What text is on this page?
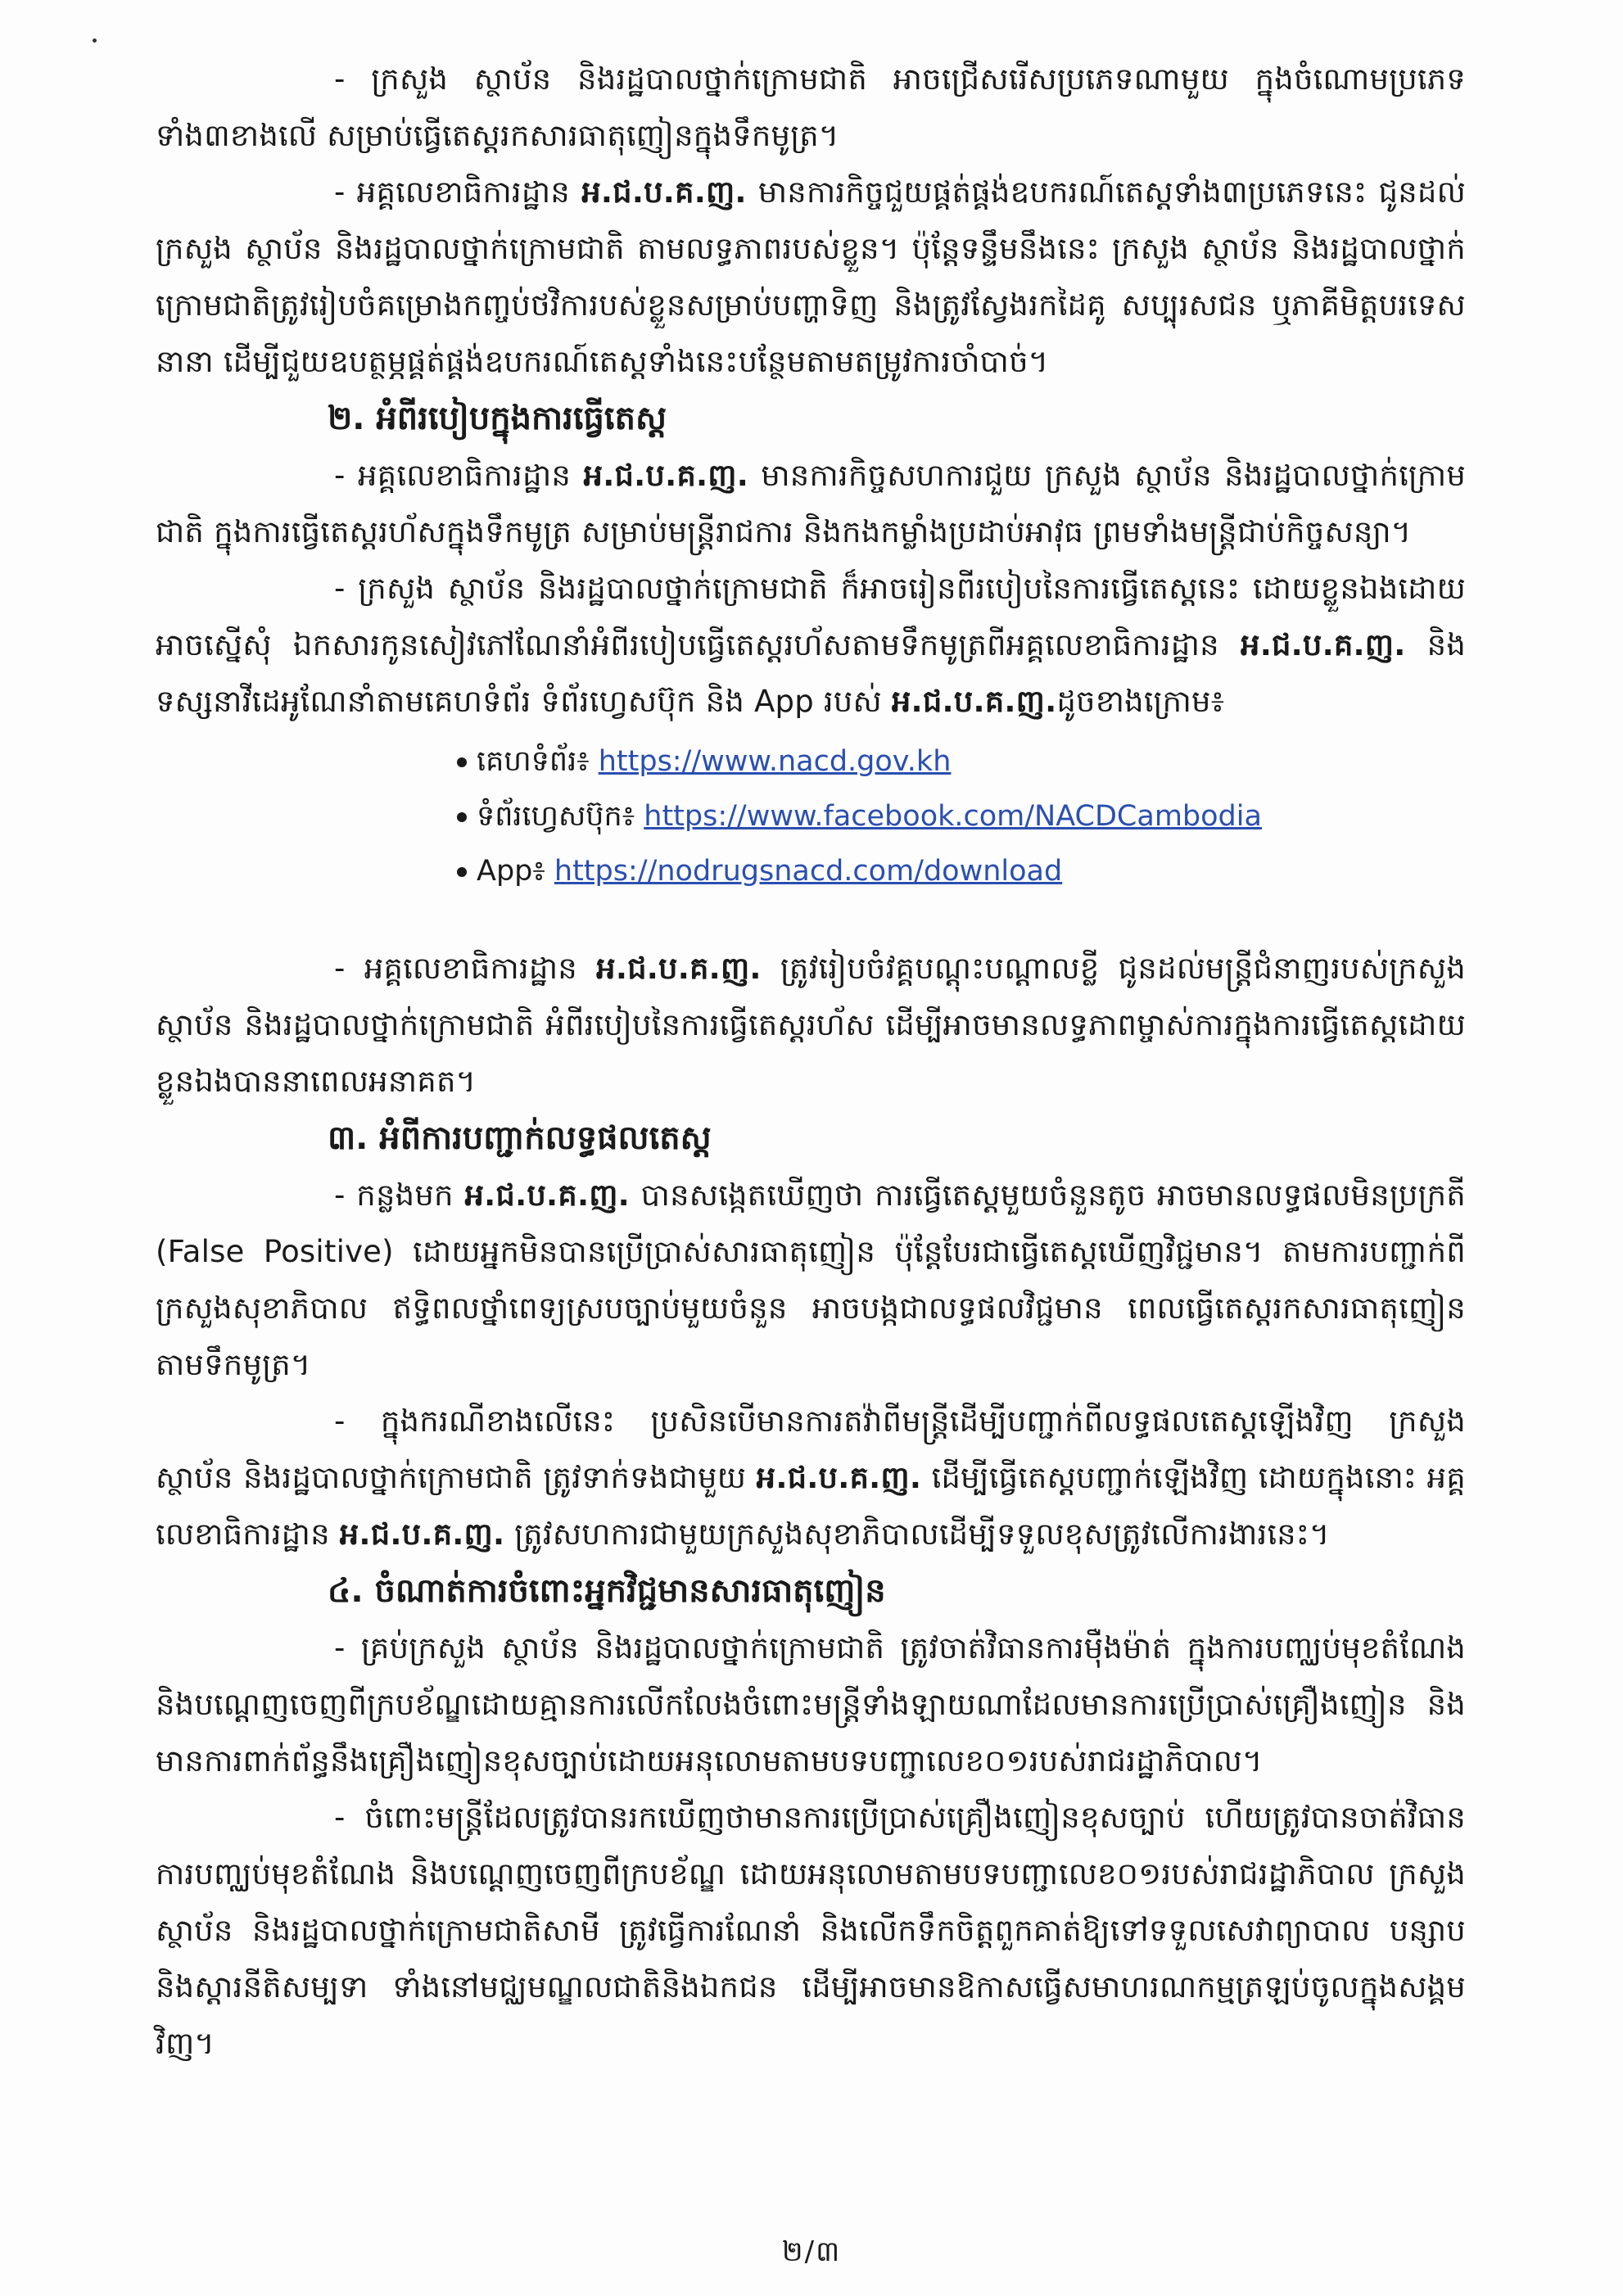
- ក្រសួង ស្ថាប័ន និងរដ្ឋបាលថ្នាក់ក្រោមជាតិ អាចជ្រើសរើសប្រភេទណាមួយ ក្នុងចំណោមប្រភេទទាំង៣ខាងលើ សម្រាប់ធ្វើតេស្តរកសារធាតុញៀនក្នុងទឹកមូត្រ។

- អគ្គលេខាធិការដ្ឋាន អ.ជ.ប.គ.ញ. មានការកិច្ចជួយផ្គត់ផ្គង់ឧបករណ៍តេស្តទាំង៣ប្រភេទនេះ ជូនដល់ក្រសួង ស្ថាប័ន និងរដ្ឋបាលថ្នាក់ក្រោមជាតិ តាមលទ្ធភាពរបស់ខ្លួន។ ប៉ុន្តែទន្ទឹមនឹងនេះ ក្រសួង ស្ថាប័ន និងរដ្ឋបាលថ្នាក់ក្រោមជាតិត្រូវរៀបចំគម្រោងកញ្ចប់ថវិការបស់ខ្លួនសម្រាប់បញ្ហាទិញ និងត្រូវស្វែងរកដៃគូ សប្បុរសជន ឬភាគីមិត្តបរទេសនានា ដើម្បីជួយឧបត្ថម្ភផ្គត់ផ្គង់ឧបករណ៍តេស្តទាំងនេះបន្ថែមតាមតម្រូវការចាំបាច់។

២. អំពីរបៀបក្នុងការធ្វើតេស្ត

- អគ្គលេខាធិការដ្ឋាន អ.ជ.ប.គ.ញ. មានការកិច្ចសហការជួយ ក្រសួង ស្ថាប័ន និងរដ្ឋបាលថ្នាក់ក្រោមជាតិ ក្នុងការធ្វើតេស្តរហ័សក្នុងទឹកមូត្រ សម្រាប់មន្ត្រីរាជការ និងកងកម្លាំងប្រដាប់អាវុធ ព្រមទាំងមន្ត្រីជាប់កិច្ចសន្យា។

- ក្រសួង ស្ថាប័ន និងរដ្ឋបាលថ្នាក់ក្រោមជាតិ ក៏អាចរៀនពីរបៀបនៃការធ្វើតេស្តនេះ ដោយខ្លួនឯងដោយអាចស្នើសុំ ឯកសារកូនសៀវភៅណែនាំអំពីរបៀបធ្វើតេស្តរហ័សតាមទឹកមូត្រពីអគ្គលេខាធិការដ្ឋាន អ.ជ.ប.គ.ញ. និងទស្សនាវីដេអូណែនាំតាមគេហទំព័រ ទំព័រហ្វេសប៊ុក និង App របស់ អ.ជ.ប.គ.ញ.ដូចខាងក្រោម៖

គេហទំព័រ៖ https://www.nacd.gov.kh
ទំព័រហ្វេសប៊ុក៖ https://www.facebook.com/NACDCambodia
App៖ https://nodrugsnacd.com/download

- អគ្គលេខាធិការដ្ឋាន អ.ជ.ប.គ.ញ. ត្រូវរៀបចំវគ្គបណ្តុះបណ្តាលខ្លី ជូនដល់មន្ត្រីជំនាញរបស់ក្រសួង ស្ថាប័ន និងរដ្ឋបាលថ្នាក់ក្រោមជាតិ អំពីរបៀបនៃការធ្វើតេស្តរហ័ស ដើម្បីអាចមានលទ្ធភាពម្ចាស់ការក្នុងការធ្វើតេស្តដោយខ្លួនឯងបាននាពេលអនាគត។

៣. អំពីការបញ្ជាក់លទ្ធផលតេស្ត

- កន្លងមក អ.ជ.ប.គ.ញ. បានសង្កេតឃើញថា ការធ្វើតេស្តមួយចំនួនតូច អាចមានលទ្ធផលមិនប្រក្រតី (False Positive) ដោយអ្នកមិនបានប្រើប្រាស់សារធាតុញៀន ប៉ុន្តែបែរជាធ្វើតេស្តឃើញវិជ្ជមាន។ តាមការបញ្ជាក់ពីក្រសួងសុខាភិបាល ឥទ្ធិពលថ្នាំពេទ្យស្របច្បាប់មួយចំនួន អាចបង្កជាលទ្ធផលវិជ្ជមាន ពេលធ្វើតេស្តរកសារធាតុញៀនតាមទឹកមូត្រ។

- ក្នុងករណីខាងលើនេះ ប្រសិនបើមានការតវ៉ាពីមន្ត្រីដើម្បីបញ្ជាក់ពីលទ្ធផលតេស្តឡើងវិញ ក្រសួង ស្ថាប័ន និងរដ្ឋបាលថ្នាក់ក្រោមជាតិ ត្រូវទាក់ទងជាមួយ អ.ជ.ប.គ.ញ. ដើម្បីធ្វើតេស្តបញ្ជាក់ឡើងវិញ ដោយក្នុងនោះ អគ្គលេខាធិការដ្ឋាន អ.ជ.ប.គ.ញ. ត្រូវសហការជាមួយក្រសួងសុខាភិបាលដើម្បីទទួលខុសត្រូវលើការងារនេះ។

៤. ចំណាត់ការចំពោះអ្នកវិជ្ជមានសារធាតុញៀន

- គ្រប់ក្រសួង ស្ថាប័ន និងរដ្ឋបាលថ្នាក់ក្រោមជាតិ ត្រូវចាត់វិធានការម៉ឺងម៉ាត់ ក្នុងការបញ្ឈប់មុខតំណែង និងបណ្តេញចេញពីក្របខ័ណ្ឌដោយគ្មានការលើកលែងចំពោះមន្ត្រីទាំងឡាយណាដែលមានការប្រើប្រាស់គ្រឿងញៀន និងមានការពាក់ព័ន្ធនឹងគ្រឿងញៀនខុសច្បាប់ដោយអនុលោមតាមបទបញ្ជាលេខ០១របស់រាជរដ្ឋាភិបាល។

- ចំពោះមន្ត្រីដែលត្រូវបានរកឃើញថាមានការប្រើប្រាស់គ្រឿងញៀនខុសច្បាប់ ហើយត្រូវបានចាត់វិធានការបញ្ឈប់មុខតំណែង និងបណ្តេញចេញពីក្របខ័ណ្ឌ ដោយអនុលោមតាមបទបញ្ជាលេខ០១របស់រាជរដ្ឋាភិបាល ក្រសួង ស្ថាប័ន និងរដ្ឋបាលថ្នាក់ក្រោមជាតិសាមី ត្រូវធ្វើការណែនាំ និងលើកទឹកចិត្តពួកគាត់ឱ្យទៅទទួលសេវាព្យាបាល បន្សាប និងស្តារនីតិសម្បទា ទាំងនៅមជ្ឈមណ្ឌលជាតិនិងឯកជន ដើម្បីអាចមានឱកាសធ្វើសមាហរណកម្មត្រឡប់ចូលក្នុងសង្គមវិញ។

២/៣
